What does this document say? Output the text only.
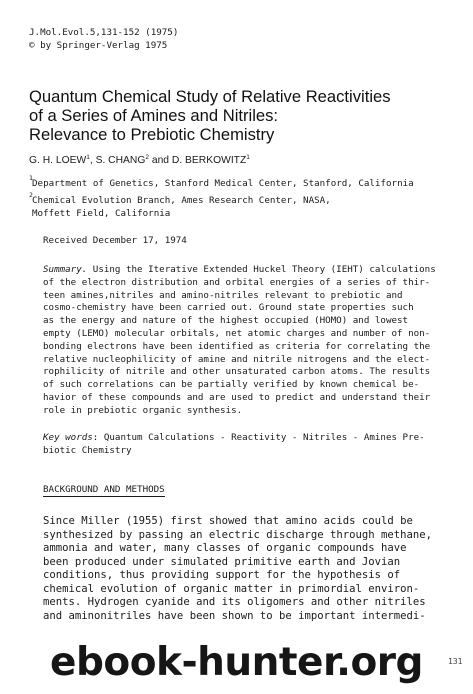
J.Mol.Evol.5,131-152 (1975)
© by Springer-Verlag 1975
Quantum Chemical Study of Relative Reactivities
of a Series of Amines and Nitriles:
Relevance to Prebiotic Chemistry
G. H. LOEW$^1$, S. CHANG$^2$ and D. BERKOWITZ$^1$
1 Department of Genetics, Stanford Medical Center, Stanford, California
2 Chemical Evolution Branch, Ames Research Center, NASA,
Moffett Field, California
Received December 17, 1974
Summary. Using the Iterative Extended Huckel Theory (IEHT) calculations
of the electron distribution and orbital energies of a series of thir-
teen amines,nitriles and amino-nitriles relevant to prebiotic and
cosmo-chemistry have been carried out. Ground state properties such
as the energy and nature of the highest occupied (HOMO) and lowest
empty (LEMO) molecular orbitals, net atomic charges and number of non-
bonding electrons have been identified as criteria for correlating the
relative nucleophilicity of amine and nitrile nitrogens and the elect-
rophilicity of nitrile and other unsaturated carbon atoms. The results
of such correlations can be partially verified by known chemical be-
havior of these compounds and are used to predict and understand their
role in prebiotic organic synthesis.
Key words: Quantum Calculations - Reactivity - Nitriles - Amines Pre-
biotic Chemistry
BACKGROUND AND METHODS
Since Miller (1955) first showed that amino acids could be
synthesized by passing an electric discharge through methane,
ammonia and water, many classes of organic compounds have
been produced under simulated primitive earth and Jovian
conditions, thus providing support for the hypothesis of
chemical evolution of organic matter in primordial environ-
ments. Hydrogen cyanide and its oligomers and other nitriles
and aminonitriles have been shown to be important intermedi-
ebook-hunter.org	131
